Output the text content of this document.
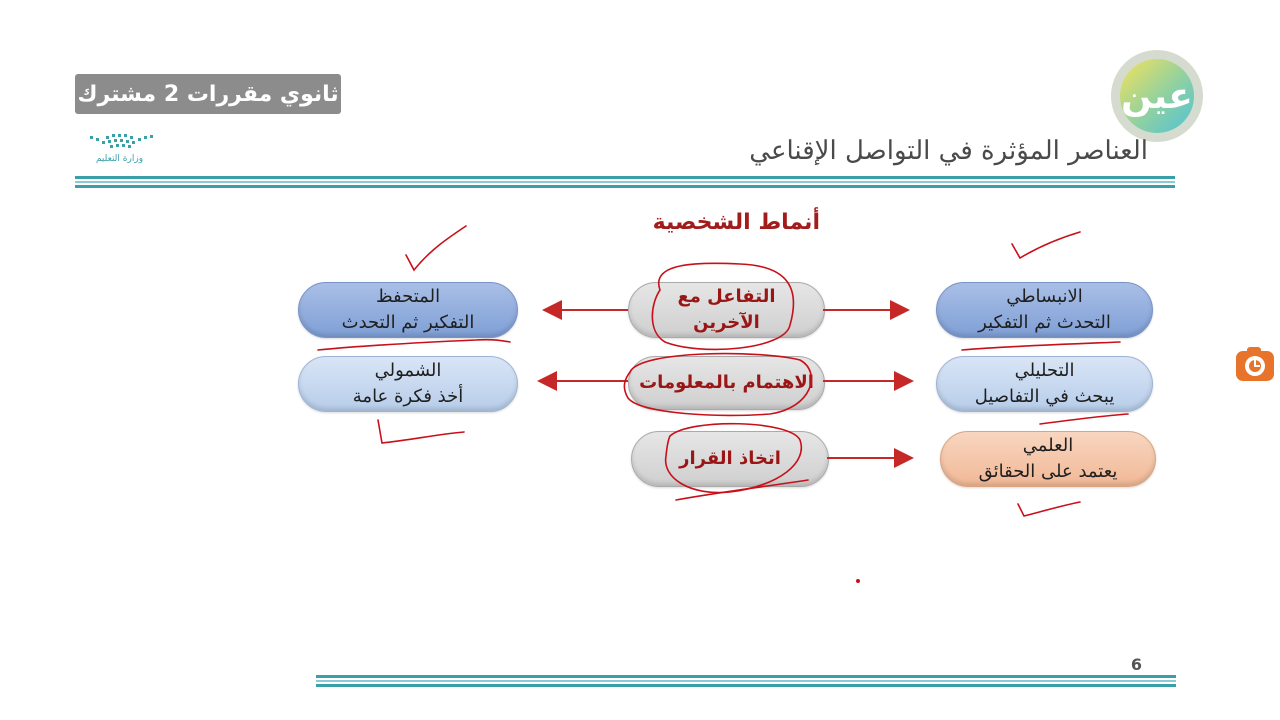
ثانوي مقررات 2 مشترك
وزارة التعليم
عين
العناصر المؤثرة في التواصل الإقناعي
أنماط الشخصية
التفاعل مع
الآخرين
الاهتمام بالمعلومات
اتخاذ القرار
المتحفظ
التفكير ثم التحدث
الشمولي
أخذ فكرة عامة
الانبساطي
التحدث ثم التفكير
التحليلي
يبحث في التفاصيل
العلمي
يعتمد على الحقائق
6
